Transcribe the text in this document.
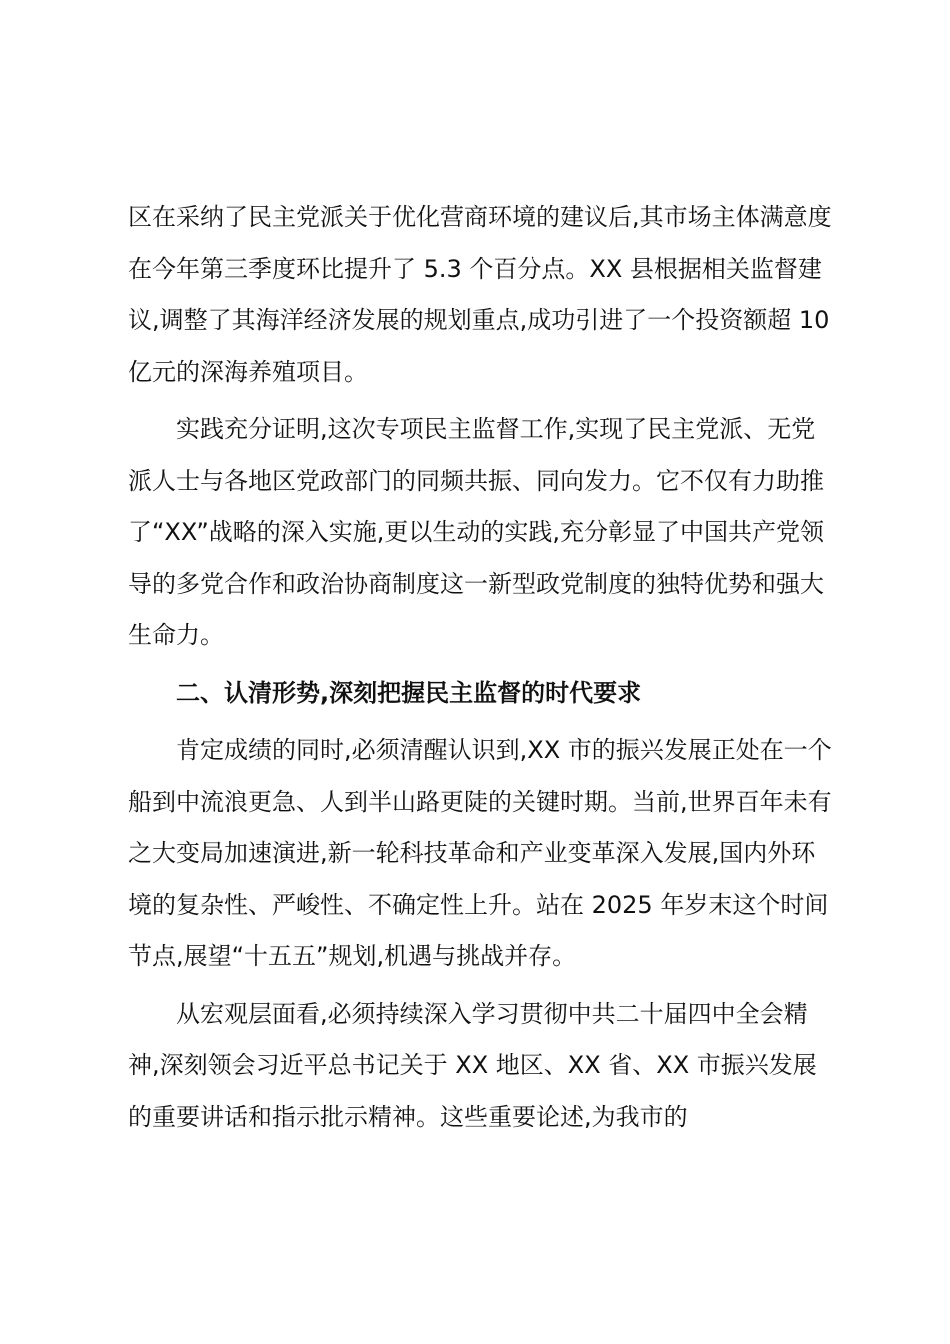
区在采纳了民主党派关于优化营商环境的建议后,其市场主体满意度在今年第三季度环比提升了 5.3 个百分点。XX 县根据相关监督建议,调整了其海洋经济发展的规划重点,成功引进了一个投资额超 10 亿元的深海养殖项目。

实践充分证明,这次专项民主监督工作,实现了民主党派、无党派人士与各地区党政部门的同频共振、同向发力。它不仅有力助推了“XX”战略的深入实施,更以生动的实践,充分彰显了中国共产党领导的多党合作和政治协商制度这一新型政党制度的独特优势和强大生命力。

二、认清形势,深刻把握民主监督的时代要求

肯定成绩的同时,必须清醒认识到,XX 市的振兴发展正处在一个船到中流浪更急、人到半山路更陡的关键时期。当前,世界百年未有之大变局加速演进,新一轮科技革命和产业变革深入发展,国内外环境的复杂性、严峻性、不确定性上升。站在 2025 年岁末这个时间节点,展望“十五五”规划,机遇与挑战并存。

从宏观层面看,必须持续深入学习贯彻中共二十届四中全会精神,深刻领会习近平总书记关于 XX 地区、XX 省、XX 市振兴发展的重要讲话和指示批示精神。这些重要论述,为我市的
